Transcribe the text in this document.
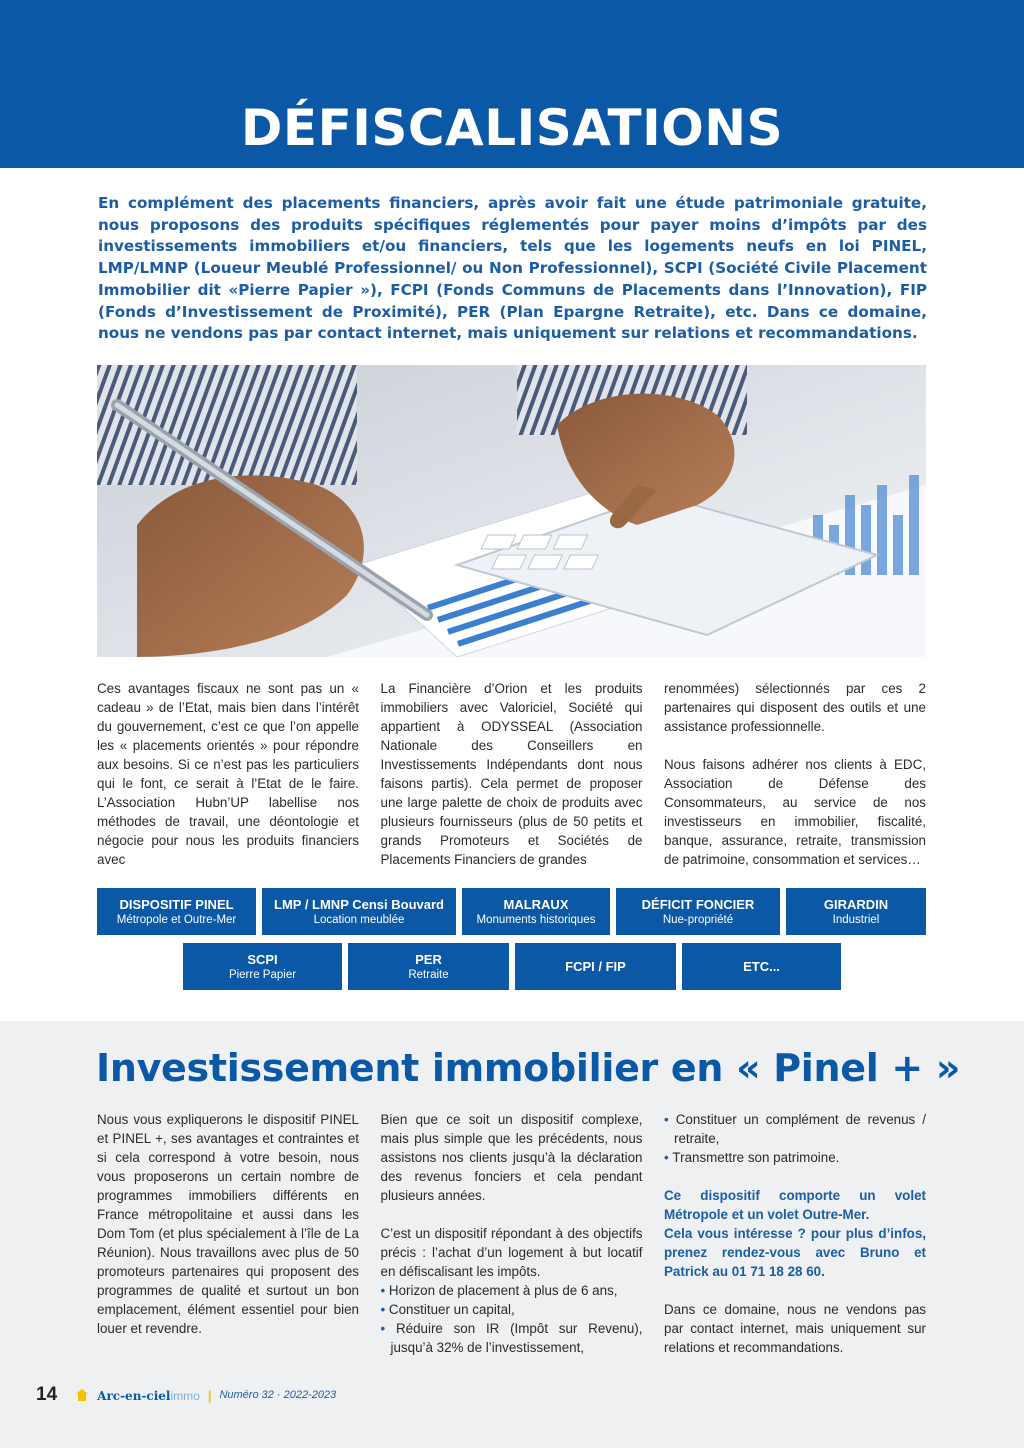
DÉFISCALISATIONS

En complément des placements financiers, après avoir fait une étude patrimoniale gratuite, nous proposons des produits spécifiques réglementés pour payer moins d’impôts par des investissements immobiliers et/ou financiers, tels que les logements neufs en loi PINEL, LMP/LMNP (Loueur Meublé Professionnel/ ou Non Professionnel), SCPI (Société Civile Placement Immobilier dit «Pierre Papier »), FCPI (Fonds Communs de Placements dans l’Innovation), FIP (Fonds d’Investissement de Proximité), PER (Plan Epargne Retraite), etc. Dans ce domaine, nous ne vendons pas par contact internet, mais uniquement sur relations et recommandations.

Ces avantages fiscaux ne sont pas un « cadeau » de l’Etat, mais bien dans l’intérêt du gouvernement, c’est ce que l’on appelle les « placements orientés » pour répondre aux besoins. Si ce n’est pas les particuliers qui le font, ce serait à l’Etat de le faire. L’Association Hubn’UP labellise nos méthodes de travail, une déontologie et négocie pour nous les produits financiers avec

La Financière d’Orion et les produits immobiliers avec Valoriciel, Société qui appartient à ODYSSEAL (Association Nationale des Conseillers en Investissements Indépendants dont nous faisons partis). Cela permet de proposer une large palette de choix de produits avec plusieurs fournisseurs (plus de 50 petits et grands Promoteurs et Sociétés de Placements Financiers de grandes

renommées) sélectionnés par ces 2 partenaires qui disposent des outils et une assistance professionnelle.

Nous faisons adhérer nos clients à EDC, Association de Défense des Consommateurs, au service de nos investisseurs en immobilier, fiscalité, banque, assurance, retraite, transmission de patrimoine, consommation et services…

DISPOSITIF PINEL
Métropole et Outre-Mer
LMP / LMNP Censi Bouvard
Location meublée
MALRAUX
Monuments historiques
DÉFICIT FONCIER
Nue-propriété
GIRARDIN
Industriel
SCPI
Pierre Papier
PER
Retraite
FCPI / FIP	ETC...
Investissement immobilier en « Pinel + »

Nous vous expliquerons le dispositif PINEL et PINEL +, ses avantages et contraintes et si cela correspond à votre besoin, nous vous proposerons un certain nombre de programmes immobiliers différents en France métropolitaine et aussi dans les Dom Tom (et plus spécialement à l’île de La Réunion). Nous travaillons avec plus de 50 promoteurs partenaires qui proposent des programmes de qualité et surtout un bon emplacement, élément essentiel pour bien louer et revendre.

Bien que ce soit un dispositif complexe, mais plus simple que les précédents, nous assistons nos clients jusqu’à la déclaration des revenus fonciers et cela pendant plusieurs années.

C’est un dispositif répondant à des objectifs précis : l’achat d’un logement à but locatif en défiscalisant les impôts.
• Horizon de placement à plus de 6 ans,
• Constituer un capital,
• Réduire son IR (Impôt sur Revenu), jusqu’à 32% de l’investissement,
• Constituer un complément de revenus / retraite,
• Transmettre son patrimoine.

Ce dispositif comporte un volet Métropole et un volet Outre-Mer.

Cela vous intéresse ? pour plus d’infos, prenez rendez-vous avec Bruno et Patrick au 01 71 18 28 60.

Dans ce domaine, nous ne vendons pas par contact internet, mais uniquement sur relations et recommandations.

14	Arc-en-cielimmo | Numéro 32 · 2022-2023
